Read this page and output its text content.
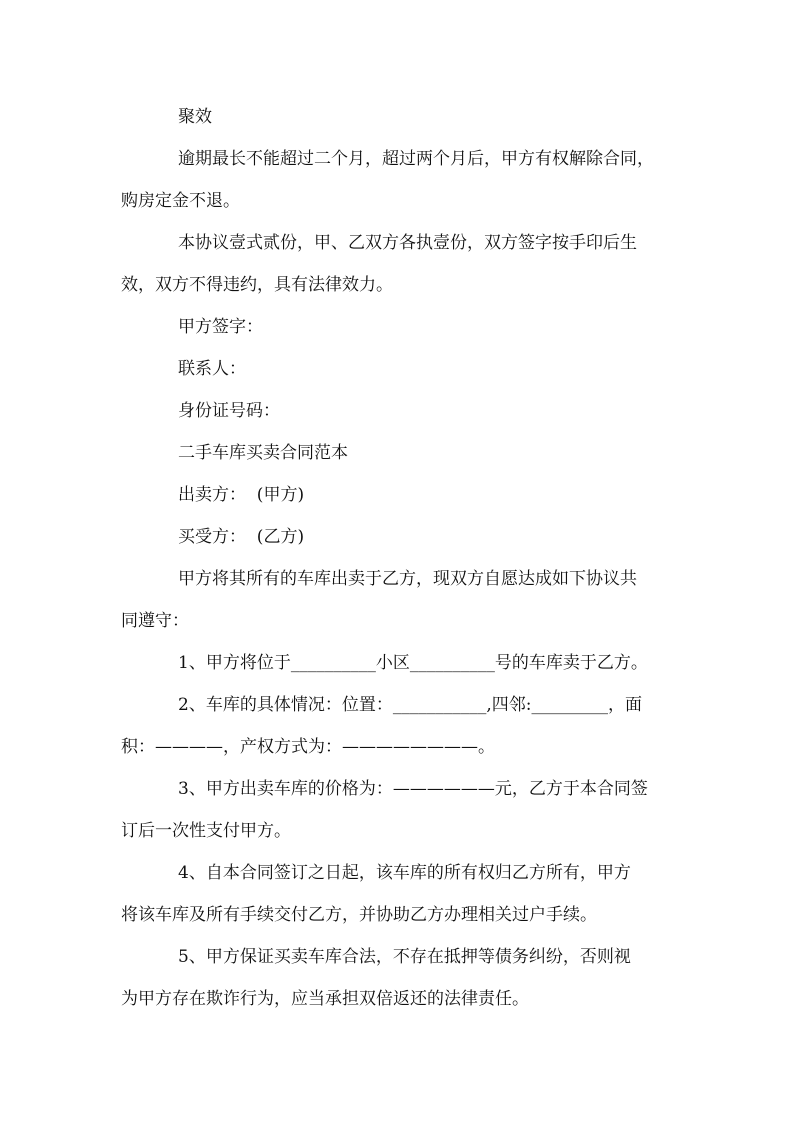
聚效
逾期最长不能超过二个月，超过两个月后，甲方有权解除合同，
购房定金不退。
本协议壹式贰份，甲、乙双方各执壹份，双方签字按手印后生
效，双方不得违约，具有法律效力。
甲方签字：
联系人：
身份证号码：
二手车库买卖合同范本
出卖方：  (甲方)
买受方：  (乙方)
甲方将其所有的车库出卖于乙方，现双方自愿达成如下协议共
同遵守：
1、甲方将位于__________小区__________号的车库卖于乙方。
2、车库的具体情况：位置：___________,四邻:_________，面
积：————，产权方式为：————————。
3、甲方出卖车库的价格为：——————元，乙方于本合同签
订后一次性支付甲方。
4、自本合同签订之日起，该车库的所有权归乙方所有，甲方
将该车库及所有手续交付乙方，并协助乙方办理相关过户手续。
5、甲方保证买卖车库合法，不存在抵押等债务纠纷，否则视
为甲方存在欺诈行为，应当承担双倍返还的法律责任。
